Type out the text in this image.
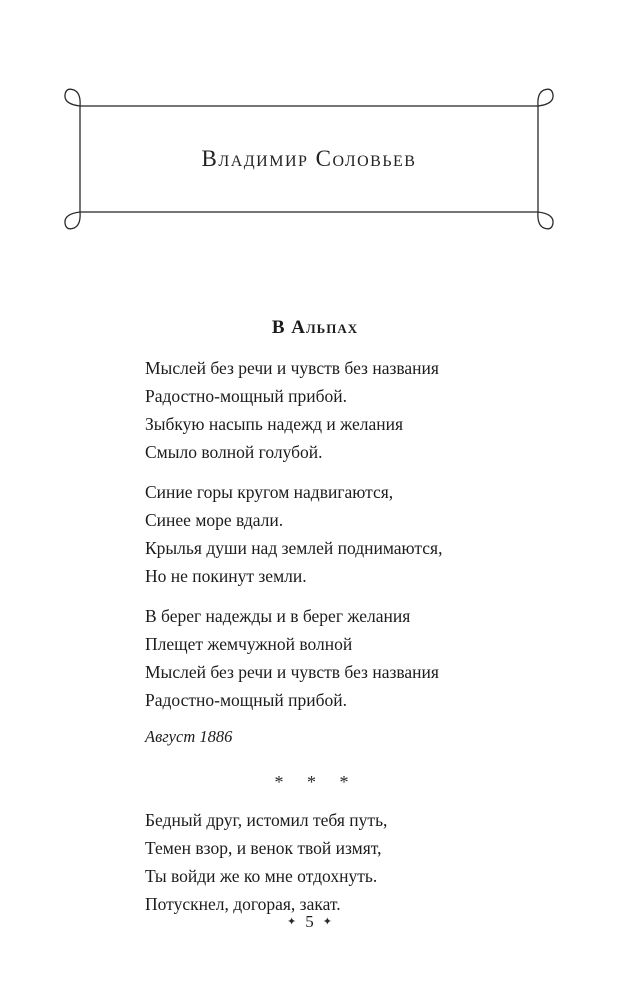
Владимир Соловьев
В Альпах
Мыслей без речи и чувств без названия
Радостно-мощный прибой.
Зыбкую насыпь надежд и желания
Смыло волной голубой.
Синие горы кругом надвигаются,
Синее море вдали.
Крылья души над землей поднимаются,
Но не покинут земли.
В берег надежды и в берег желания
Плещет жемчужной волной
Мыслей без речи и чувств без названия
Радостно-мощный прибой.
Август 1886
* * *
Бедный друг, истомил тебя путь,
Темен взор, и венок твой измят,
Ты войди же ко мне отдохнуть.
Потускнел, догорая, закат.
✦ 5 ✦
